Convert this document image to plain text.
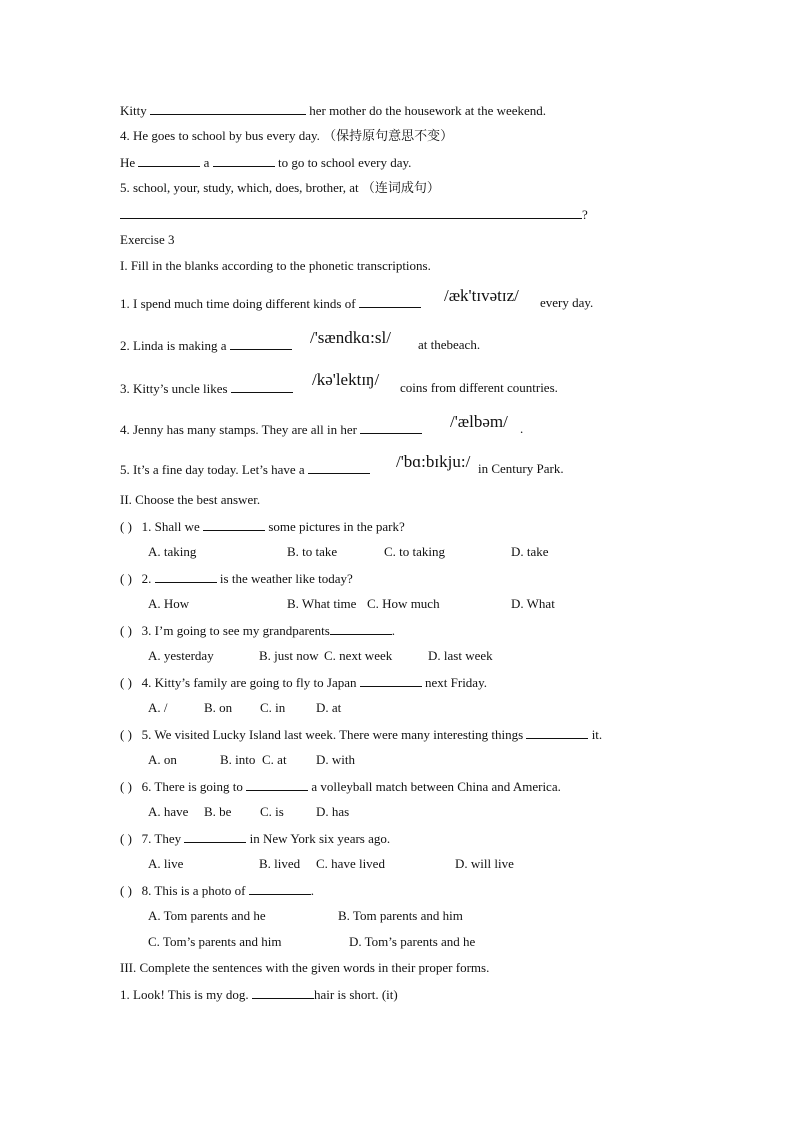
Kitty	her mother do the housework at the weekend.
4. He goes to school by bus every day. （保持原句意思不变）
He	a	to go to school every day.
5. school, your, study, which, does, brother, at （连词成句）
?
Exercise 3
I. Fill in the blanks according to the phonetic transcriptions.
1. I spend much time doing different kinds of	/æk'tɪvətɪz/ every day.
2. Linda is making a	/'sændkɑ:sl/ at thebeach.
3. Kitty’s uncle likes	/kə'lektɪŋ/ coins from different countries.
4. Jenny has many stamps. They are all in her	/'ælbəm/ .
5. It’s a fine day today. Let’s have a	/'bɑ:bɪkju:/ in Century Park.
II. Choose the best answer.
( ) 1. Shall we	some pictures in the park?
A. taking	B. to take	C. to taking	D. take
( ) 2.	is the weather like today?
A. How	B. What time C. How much	D. What
( ) 3. I’m going to see my grandparents	.
A. yesterday	B. just now C. next week	D. last week
( ) 4. Kitty’s family are going to fly to Japan	next Friday.
A. /	B. on C. in D. at
( ) 5. We visited Lucky Island last week. There were many interesting things	it.
A. on	B. into C. at D. with
( ) 6. There is going to	a volleyball match between China and America.
A. have B. be C. is D. has
( ) 7. They	in New York six years ago.
A. live	B. lived C. have lived	D. will live
( ) 8. This is a photo of	.
A. Tom parents and he	B. Tom parents and him
C. Tom’s parents and him	D. Tom’s parents and he
III. Complete the sentences with the given words in their proper forms.
1. Look! This is my dog.	hair is short. (it)
